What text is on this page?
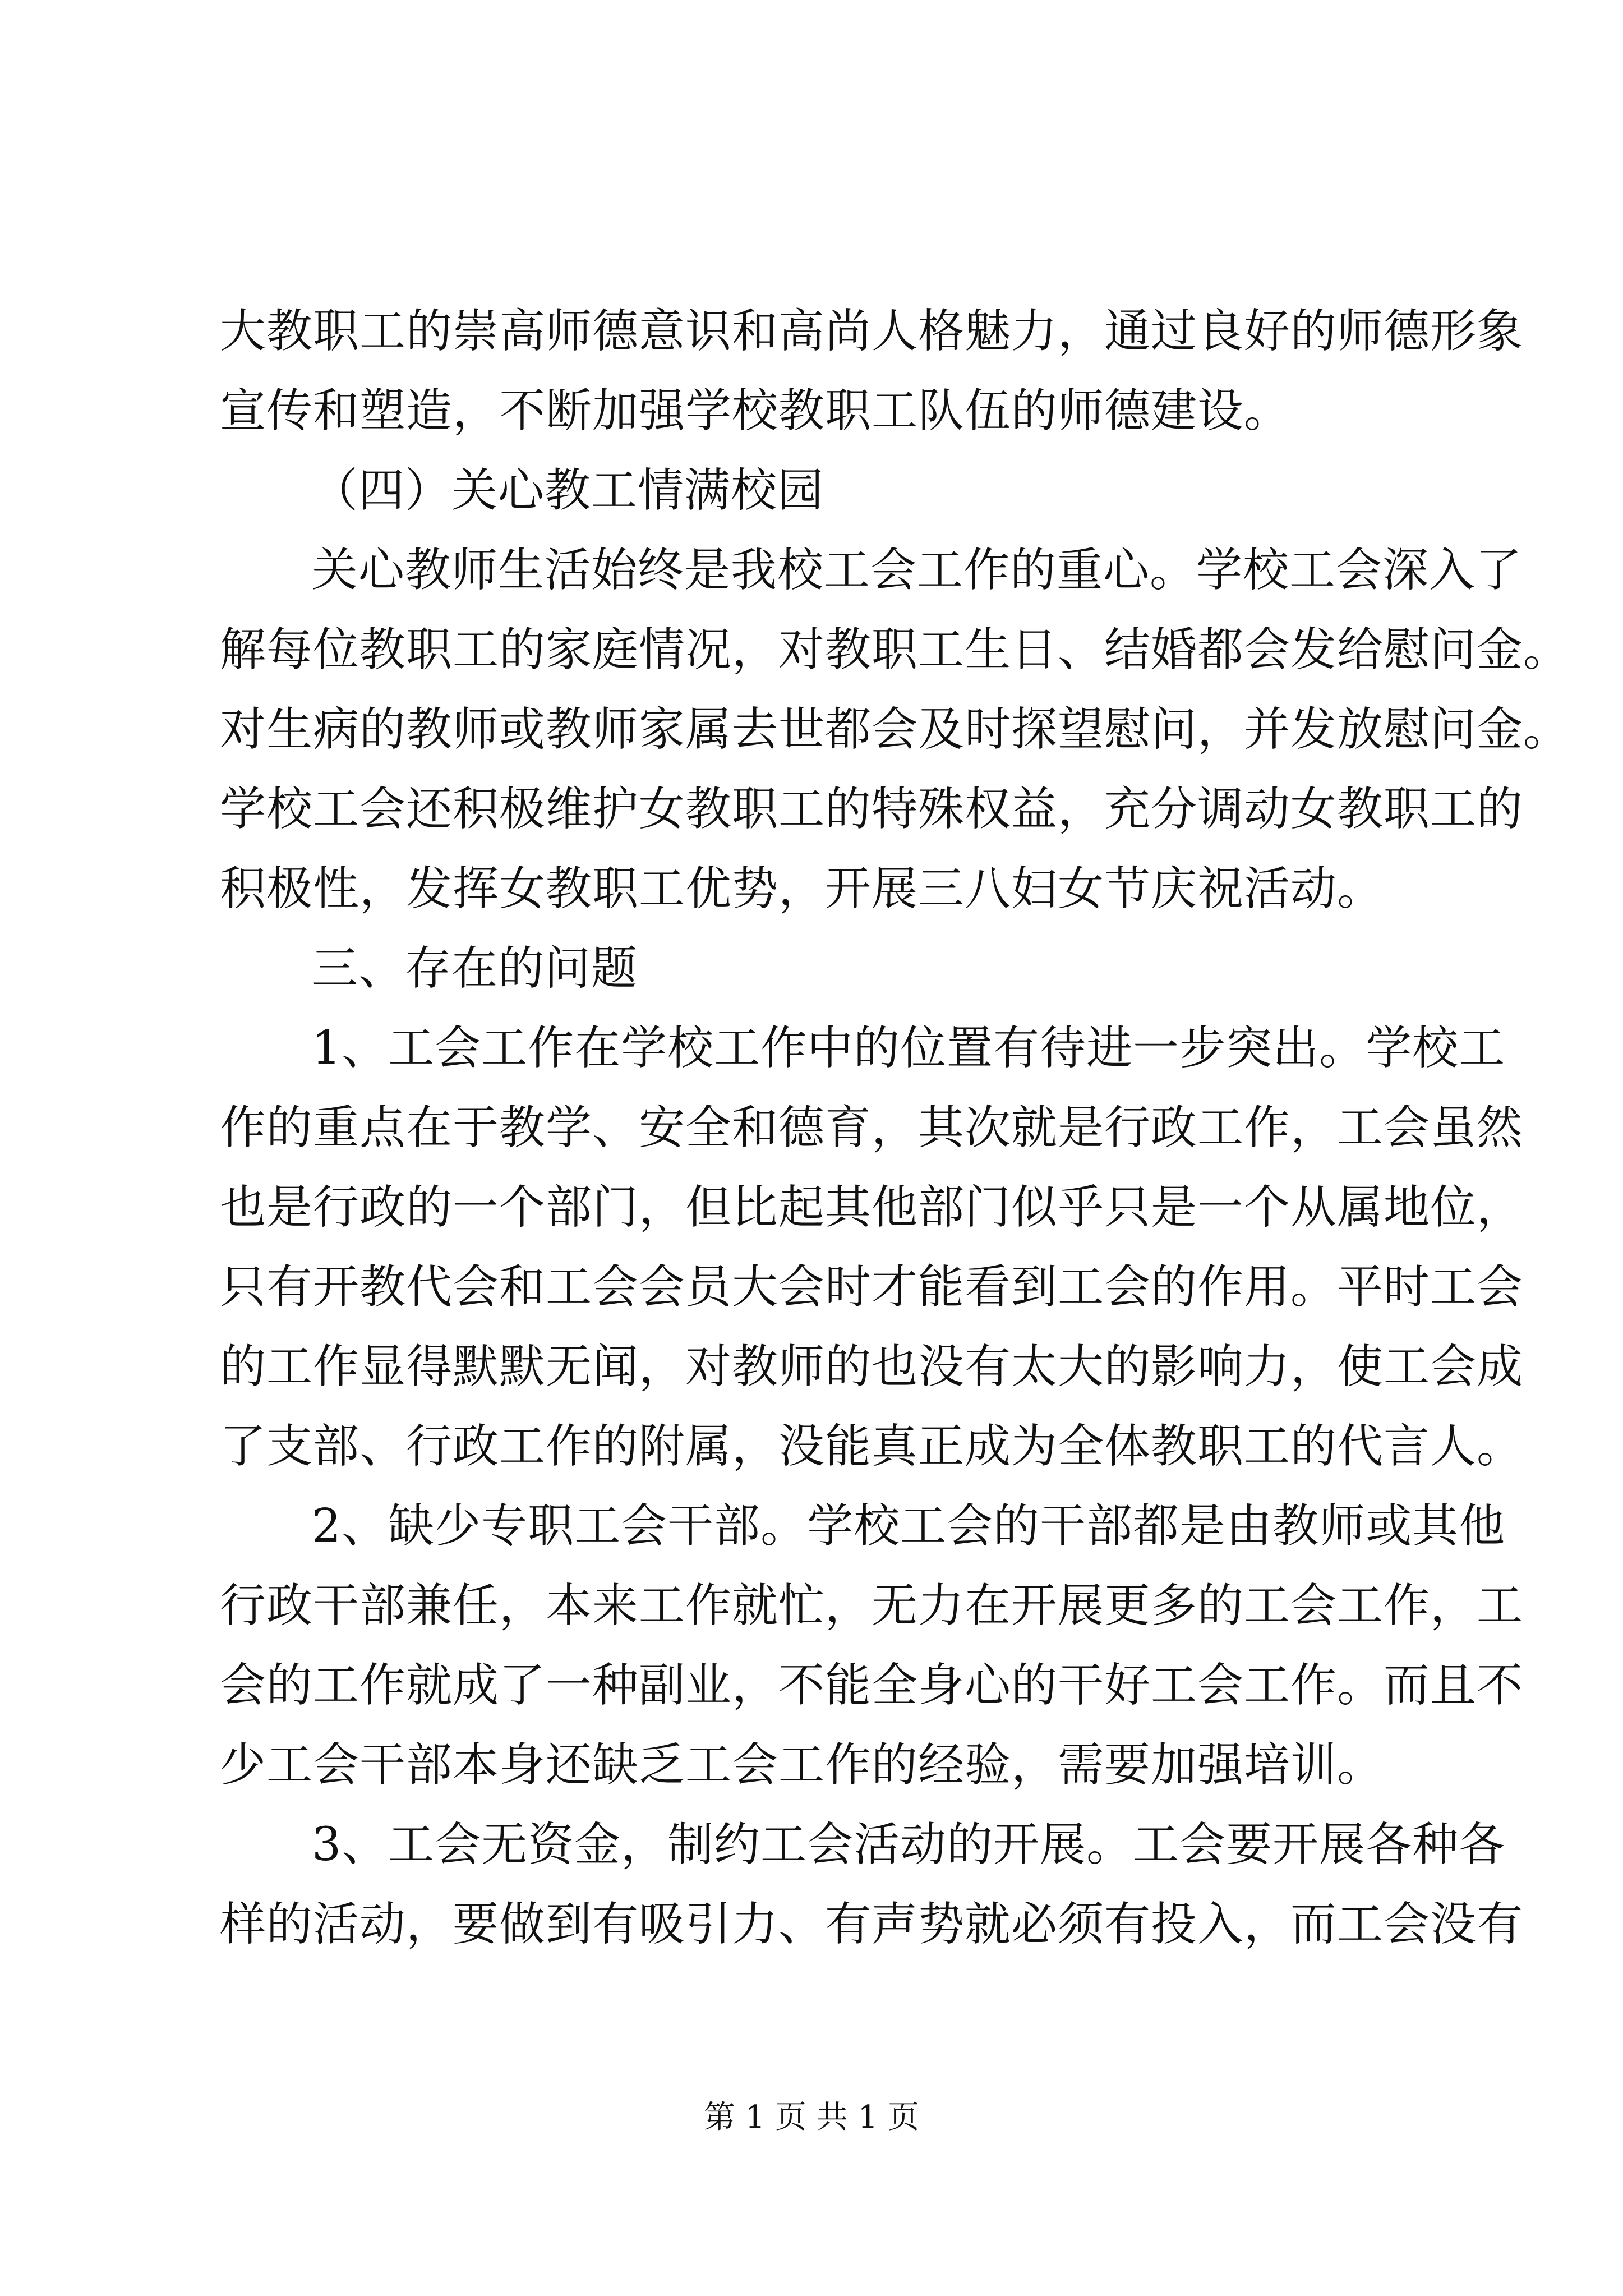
大教职工的崇高师德意识和高尚人格魅力，通过良好的师德形象
宣传和塑造，不断加强学校教职工队伍的师德建设。
（四）关心教工情满校园
关心教师生活始终是我校工会工作的重心。学校工会深入了
解每位教职工的家庭情况，对教职工生日、结婚都会发给慰问金。
对生病的教师或教师家属去世都会及时探望慰问，并发放慰问金。
学校工会还积极维护女教职工的特殊权益，充分调动女教职工的
积极性，发挥女教职工优势，开展三八妇女节庆祝活动。
三、存在的问题
1、工会工作在学校工作中的位置有待进一步突出。学校工
作的重点在于教学、安全和德育，其次就是行政工作，工会虽然
也是行政的一个部门，但比起其他部门似乎只是一个从属地位，
只有开教代会和工会会员大会时才能看到工会的作用。平时工会
的工作显得默默无闻，对教师的也没有太大的影响力，使工会成
了支部、行政工作的附属，没能真正成为全体教职工的代言人。
2、缺少专职工会干部。学校工会的干部都是由教师或其他
行政干部兼任，本来工作就忙，无力在开展更多的工会工作，工
会的工作就成了一种副业，不能全身心的干好工会工作。而且不
少工会干部本身还缺乏工会工作的经验，需要加强培训。
3、工会无资金，制约工会活动的开展。工会要开展各种各
样的活动，要做到有吸引力、有声势就必须有投入，而工会没有
第 1 页 共 1 页
